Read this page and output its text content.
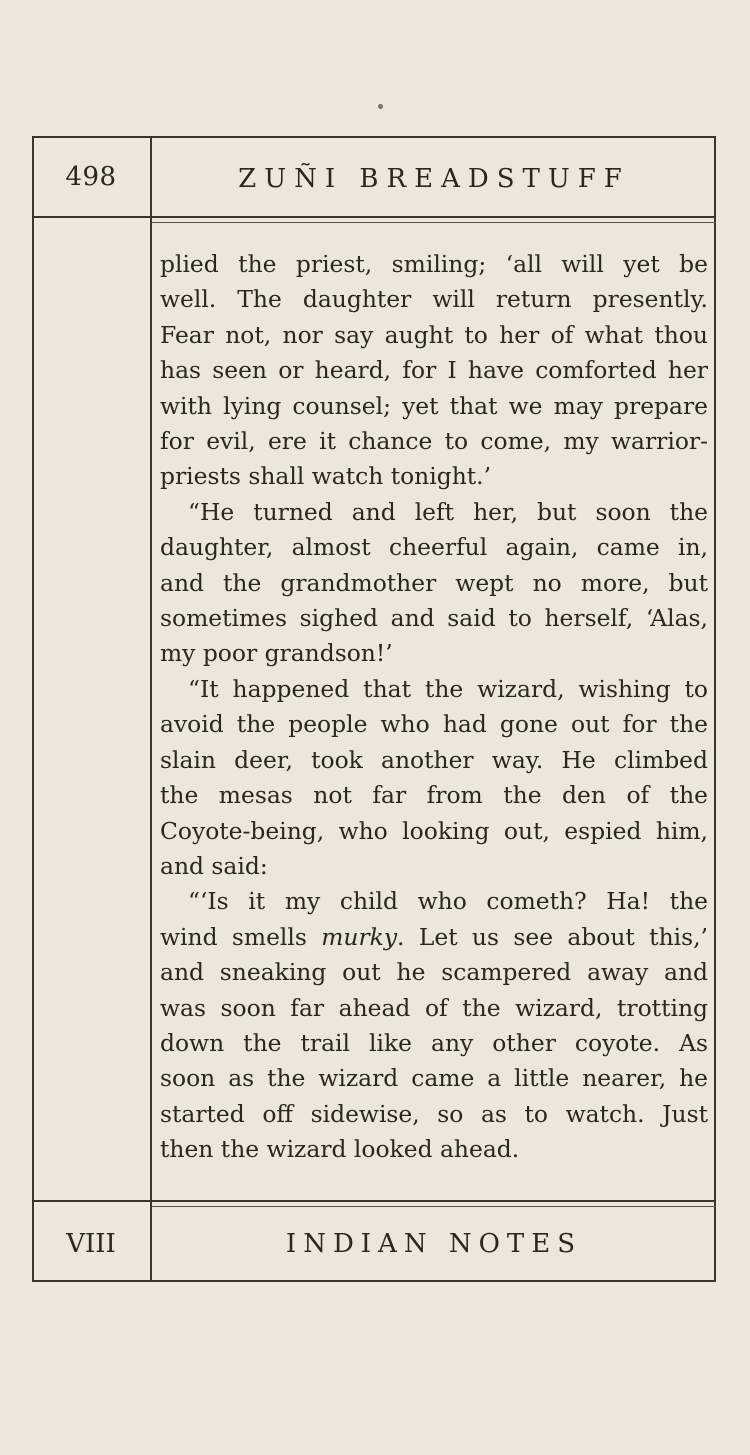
498	ZUÑI BREADSTUFF
plied the priest, smiling; ‘all will yet be
well. The daughter will return presently.
Fear not, nor say aught to her of what thou
has seen or heard, for I have comforted her
with lying counsel; yet that we may prepare
for evil, ere it chance to come, my warrior-
priests shall watch tonight.’
“He turned and left her, but soon the
daughter, almost cheerful again, came in,
and the grandmother wept no more, but
sometimes sighed and said to herself, ‘Alas,
my poor grandson!’
“It happened that the wizard, wishing to
avoid the people who had gone out for the
slain deer, took another way. He climbed
the mesas not far from the den of the
Coyote-being, who looking out, espied him,
and said:
“‘Is it my child who cometh? Ha! the
wind smells murky. Let us see about this,’
and sneaking out he scampered away and
was soon far ahead of the wizard, trotting
down the trail like any other coyote. As
soon as the wizard came a little nearer, he
started off sidewise, so as to watch. Just
then the wizard looked ahead.
VIII	INDIAN NOTES
